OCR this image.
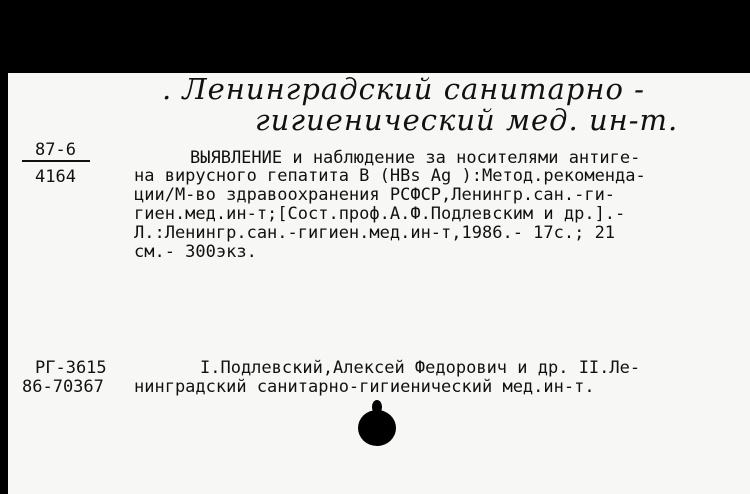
. Ленинградский санитарно -
гигиенический мед. ин-т.
87-6
4164
ВЫЯВЛЕНИЕ и наблюдение за носителями антиге-
на вирусного гепатита В (HBs Ag ):Метод.рекоменда-
ции/М-во здравоохранения РСФСР,Ленингр.сан.-ги-
гиен.мед.ин-т;[Сост.проф.А.Ф.Подлевским и др.].-
Л.:Ленингр.сан.-гигиен.мед.ин-т,1986.- 17с.; 21
см.- 300экз.
РГ-3615
86-70367
I.Подлевский,Алексей Федорович и др. II.Ле-
нинградский санитарно-гигиенический мед.ин-т.
